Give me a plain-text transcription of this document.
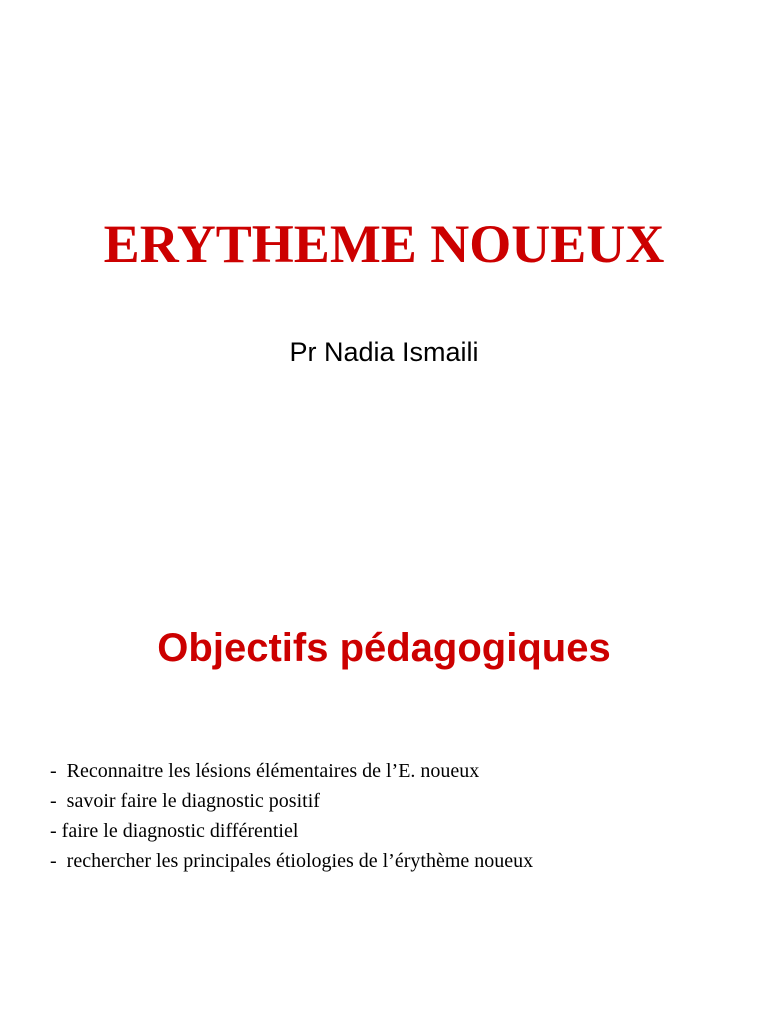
ERYTHEME NOUEUX

Pr Nadia Ismaili

Objectifs pédagogiques
-  Reconnaitre les lésions élémentaires de l’E. noueux
-  savoir faire le diagnostic positif
- faire le diagnostic différentiel
-  rechercher les principales étiologies de l’érythème noueux
